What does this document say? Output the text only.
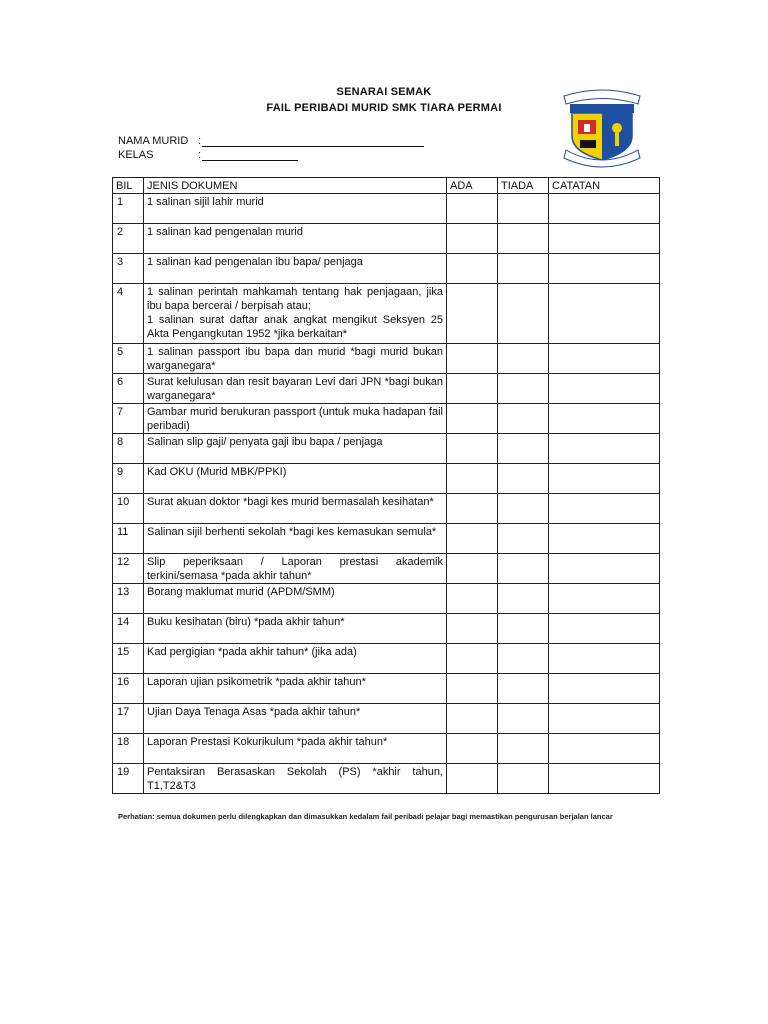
SENARAI SEMAK
FAIL PERIBADI MURID SMK TIARA PERMAI
NAMA MURID :
KELAS	:
BIL	JENIS DOKUMEN	ADA	TIADA	CATATAN
1	1 salinan sijil lahir murid			
2	1 salinan kad pengenalan murid			
3	1 salinan kad pengenalan ibu bapa/ penjaga			
4	1 salinan perintah mahkamah tentang hak penjagaan, jika ibu bapa bercerai / berpisah atau;
1 salinan surat daftar anak angkat mengikut Seksyen 25 Akta Pengangkutan 1952 *jika berkaitan*			

5	1 salinan passport ibu bapa dan murid *bagi murid bukan warganegara*			
6	Surat kelulusan dan resit bayaran Levi dari JPN *bagi bukan warganegara*			
7	Gambar murid berukuran passport (untuk muka hadapan fail peribadi)			
8	Salinan slip gaji/ penyata gaji ibu bapa / penjaga			
9	Kad OKU (Murid MBK/PPKI)			
10	Surat akuan doktor *bagi kes murid bermasalah kesihatan*			
11	Salinan sijil berhenti sekolah *bagi kes kemasukan semula*			
12	Slip peperiksaan / Laporan prestasi akademik terkini/semasa *pada akhir tahun*			
13	Borang maklumat murid (APDM/SMM)			
14	Buku kesihatan (biru) *pada akhir tahun*			
15	Kad pergigian *pada akhir tahun* (jika ada)			
16	Laporan ujian psikometrik *pada akhir tahun*			
17	Ujian Daya Tenaga Asas *pada akhir tahun*			
18	Laporan Prestasi Kokurikulum *pada akhir tahun*			
19	Pentaksiran Berasaskan Sekolah (PS) *akhir tahun, T1,T2&T3			
Perhatian: semua dokumen perlu dilengkapkan dan dimasukkan kedalam fail peribadi pelajar bagi memastikan pengurusan berjalan lancar
